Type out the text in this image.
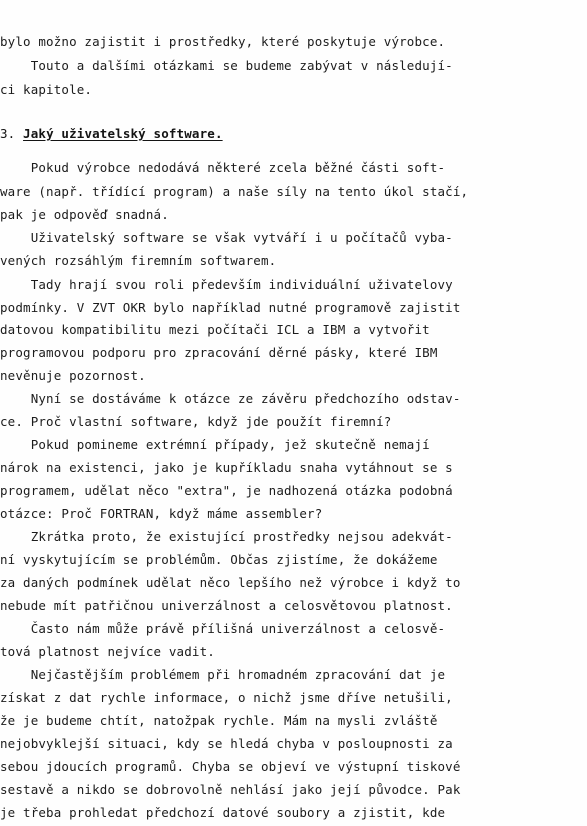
bylo možno zajistit i prostředky, které poskytuje výrobce.
Touto a dalšími otázkami se budeme zabývat v následují-
ci kapitole.
3. Jaký uživatelský software.
Pokud výrobce nedodává některé zcela běžné části soft-
ware (např. třídící program) a naše síly na tento úkol stačí,
pak je odpověď snadná.
Uživatelský software se však vytváří i u počítačů vyba-
vených rozsáhlým firemním softwarem.
Tady hrají svou roli především individuální uživatelovy
podmínky. V ZVT OKR bylo například nutné programově zajistit
datovou kompatibilitu mezi počítači ICL a IBM a vytvořit
programovou podporu pro zpracování děrné pásky, které IBM
nevěnuje pozornost.
Nyní se dostáváme k otázce ze závěru předchozího odstav-
ce. Proč vlastní software, když jde použít firemní?
Pokud pomineme extrémní případy, jež skutečně nemají
nárok na existenci, jako je kupříkladu snaha vytáhnout se s
programem, udělat něco "extra", je nadhozená otázka podobná
otázce: Proč FORTRAN, když máme assembler?
Zkrátka proto, že existující prostředky nejsou adekvát-
ní vyskytujícím se problémům. Občas zjistíme, že dokážeme
za daných podmínek udělat něco lepšího než výrobce i když to
nebude mít patřičnou univerzálnost a celosvětovou platnost.
Často nám může právě přílišná univerzálnost a celosvě-
tová platnost nejvíce vadit.
Nejčastějším problémem při hromadném zpracování dat je
získat z dat rychle informace, o nichž jsme dříve netušili,
že je budeme chtít, natožpak rychle. Mám na mysli zvláště
nejobvyklejší situaci, kdy se hledá chyba v posloupnosti za
sebou jdoucích programů. Chyba se objeví ve výstupní tiskové
sestavě a nikdo se dobrovolně nehlásí jako její původce. Pak
je třeba prohledat předchozí datové soubory a zjistit, kde
